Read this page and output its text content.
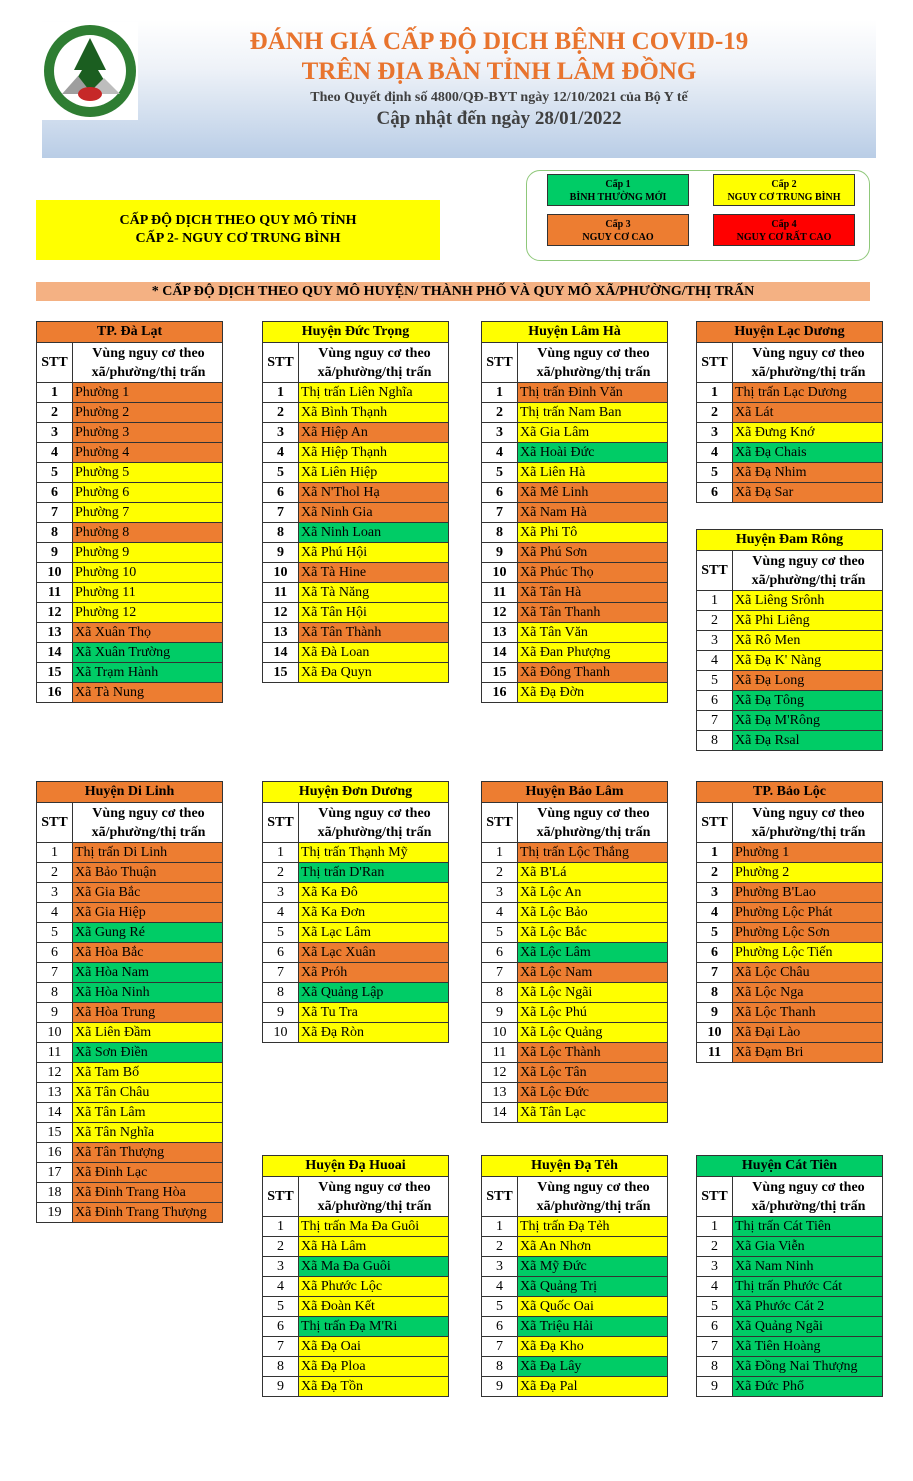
ĐÁNH GIÁ CẤP ĐỘ DỊCH BỆNH COVID-19
TRÊN ĐỊA BÀN TỈNH LÂM ĐỒNG
Theo Quyết định số 4800/QĐ-BYT ngày 12/10/2021 của Bộ Y tế
Cập nhật đến ngày 28/01/2022
CẤP ĐỘ DỊCH THEO QUY MÔ TỈNH
CẤP 2- NGUY CƠ TRUNG BÌNH
Cấp 1
BÌNH THƯỜNG MỚI
Cấp 2
NGUY CƠ TRUNG BÌNH
Cấp 3
NGUY CƠ CAO
Cấp 4
NGUY CƠ RẤT CAO
* CẤP ĐỘ DỊCH THEO QUY MÔ HUYỆN/ THÀNH PHỐ VÀ QUY MÔ XÃ/PHƯỜNG/THỊ TRẤN
TP. Đà Lạt	
STT	Vùng nguy cơ theo xã/phường/thị trấn
1	Phường 1
2	Phường 2
3	Phường 3
4	Phường 4
5	Phường 5
6	Phường 6
7	Phường 7
8	Phường 8
9	Phường 9
10	Phường 10
11	Phường 11
12	Phường 12
13	Xã Xuân Thọ
14	Xã Xuân Trường
15	Xã Trạm Hành
16	Xã Tà Nung
Huyện Đức Trọng	
STT	Vùng nguy cơ theo xã/phường/thị trấn
1	Thị trấn Liên Nghĩa
2	Xã Bình Thạnh
3	Xã Hiệp An
4	Xã Hiệp Thạnh
5	Xã Liên Hiệp
6	Xã N'Thol Hạ
7	Xã Ninh Gia
8	Xã Ninh Loan
9	Xã Phú Hội
10	Xã Tà Hine
11	Xã Tà Năng
12	Xã Tân Hội
13	Xã Tân Thành
14	Xã Đà Loan
15	Xã Đa Quyn
Huyện Lâm Hà	
STT	Vùng nguy cơ theo xã/phường/thị trấn
1	Thị trấn Đinh Văn
2	Thị trấn Nam Ban
3	Xã Gia Lâm
4	Xã Hoài Đức
5	Xã Liên Hà
6	Xã Mê Linh
7	Xã Nam Hà
8	Xã Phi Tô
9	Xã Phú Sơn
10	Xã Phúc Thọ
11	Xã Tân Hà
12	Xã Tân Thanh
13	Xã Tân Văn
14	Xã Đan Phượng
15	Xã Đông Thanh
16	Xã Đạ Đờn
Huyện Lạc Dương	
STT	Vùng nguy cơ theo xã/phường/thị trấn
1	Thị trấn Lạc Dương
2	Xã Lát
3	Xã Đưng Knớ
4	Xã Đạ Chais
5	Xã Đạ Nhim
6	Xã Đạ Sar
Huyện Đam Rông	
STT	Vùng nguy cơ theo xã/phường/thị trấn
1	Xã Liêng Srônh
2	Xã Phi Liêng
3	Xã Rô Men
4	Xã Đạ K' Nàng
5	Xã Đạ Long
6	Xã Đạ Tông
7	Xã Đạ M'Rông
8	Xã Đạ Rsal
Huyện Di Linh	
STT	Vùng nguy cơ theo xã/phường/thị trấn
1	Thị trấn Di Linh
2	Xã Bảo Thuận
3	Xã Gia Bắc
4	Xã Gia Hiệp
5	Xã Gung Ré
6	Xã Hòa Bắc
7	Xã Hòa Nam
8	Xã Hòa Ninh
9	Xã Hòa Trung
10	Xã Liên Đầm
11	Xã Sơn Điền
12	Xã Tam Bố
13	Xã Tân Châu
14	Xã Tân Lâm
15	Xã Tân Nghĩa
16	Xã Tân Thượng
17	Xã Đinh Lạc
18	Xã Đinh Trang Hòa
19	Xã Đinh Trang Thượng
Huyện Đơn Dương	
STT	Vùng nguy cơ theo xã/phường/thị trấn
1	Thị trấn Thạnh Mỹ
2	Thị trấn D'Ran
3	Xã Ka Đô
4	Xã Ka Đơn
5	Xã Lạc Lâm
6	Xã Lạc Xuân
7	Xã Próh
8	Xã Quảng Lập
9	Xã Tu Tra
10	Xã Đạ Ròn
Huyện Bảo Lâm	
STT	Vùng nguy cơ theo xã/phường/thị trấn
1	Thị trấn Lộc Thắng
2	Xã B'Lá
3	Xã Lộc An
4	Xã Lộc Bảo
5	Xã Lộc Bắc
6	Xã Lộc Lâm
7	Xã Lộc Nam
8	Xã Lộc Ngãi
9	Xã Lộc Phú
10	Xã Lộc Quảng
11	Xã Lộc Thành
12	Xã Lộc Tân
13	Xã Lộc Đức
14	Xã Tân Lạc
TP. Bảo Lộc	
STT	Vùng nguy cơ theo xã/phường/thị trấn
1	Phường 1
2	Phường 2
3	Phường B'Lao
4	Phường Lộc Phát
5	Phường Lộc Sơn
6	Phường Lộc Tiến
7	Xã Lộc Châu
8	Xã Lộc Nga
9	Xã Lộc Thanh
10	Xã Đại Lào
11	Xã Đạm Bri
Huyện Đạ Huoai	
STT	Vùng nguy cơ theo xã/phường/thị trấn
1	Thị trấn Ma Đa Guôi
2	Xã Hà Lâm
3	Xã Ma Đa Guôi
4	Xã Phước Lộc
5	Xã Đoàn Kết
6	Thị trấn Đạ M'Ri
7	Xã Đạ Oai
8	Xã Đạ Ploa
9	Xã Đạ Tồn
Huyện Đạ Tẻh	
STT	Vùng nguy cơ theo xã/phường/thị trấn
1	Thị trấn Đạ Tẻh
2	Xã An Nhơn
3	Xã Mỹ Đức
4	Xã Quảng Trị
5	Xã Quốc Oai
6	Xã Triệu Hải
7	Xã Đạ Kho
8	Xã Đạ Lây
9	Xã Đạ Pal
Huyện Cát Tiên	
STT	Vùng nguy cơ theo xã/phường/thị trấn
1	Thị trấn Cát Tiên
2	Xã Gia Viễn
3	Xã Nam Ninh
4	Thị trấn Phước Cát
5	Xã Phước Cát 2
6	Xã Quảng Ngãi
7	Xã Tiên Hoàng
8	Xã Đồng Nai Thượng
9	Xã Đức Phổ
